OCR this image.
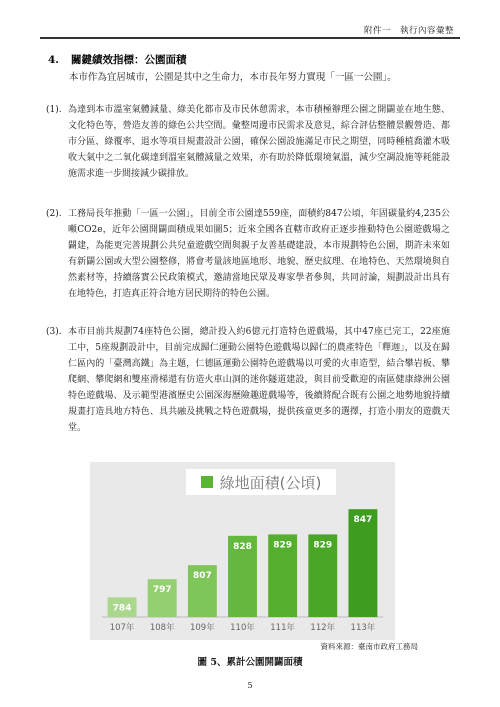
附件一　執行內容彙整
4. 關鍵績效指標：公園面積
本市作為宜居城市，公園是其中之生命力，本市長年努力實現「一區一公園」。
(1). 為達到本市溫室氣體減量、綠美化都市及市民休憩需求，本市積極辦理公園之開闢並在地生態、文化特色等，營造友善的綠色公共空間。彙整周邊市民需求及意見，綜合評估整體景觀營造、都市分區、綠覆率、退水等項目規畫設計公園，確保公園設施滿足市民之期望，同時種植喬灌木吸收大氣中之二氧化碳達到溫室氣體減量之效果，亦有助於降低環境氣溫，減少空調設施等耗能設施需求進一步間接減少碳排放。
(2). 工務局長年推動「一區一公園」，目前全市公園達559座，面積約847公頃，年固碳量約4,235公噸CO2e，近年公園開闢面積成果如圖5；近來全國各直轄市政府正逐步推動特色公園遊戲場之闢建，為能更完善規劃公共兒童遊戲空間與親子友善基礎建設，本市規劃特色公園，期許未來如有新闢公園或大型公園整修，將會考量該地區地形、地貌、歷史紋理、在地特色、天然環境與自然素材等，持續落實公民政策模式，邀請當地民眾及專家學者參與，共同討論，規劃設計出具有在地特色，打造真正符合地方居民期待的特色公園。
(3). 本市目前共規劃74座特色公園，總計投入約6億元打造特色遊戲場，其中47座已完工，22座施工中，5座規劃設計中，目前完成歸仁運動公園特色遊戲場以歸仁的農產特色「釋迦」，以及在歸仁區內的「臺灣高鐵」為主題，仁德區運動公園特色遊戲場以可愛的火車造型，結合攀岩板、攀爬網、攀爬網和雙座滑梯還有仿造火車山洞的迷你隧道建設，與目前受歡迎的南區健康綠洲公園特色遊戲場、及示範型港濱歷史公園深海歷險趣遊戲場等，後續將配合既有公園之地勢地貌持續規畫打造具地方特色、具共融及挑戰之特色遊戲場，提供孩童更多的選擇，打造小朋友的遊戲天堂。
784
107年
797
108年
807
109年
828
110年
829
111年
829
112年
847
113年
綠地面積(公頃)
資料來源：臺南市政府工務局
圖 5、累計公園開闢面積
5
